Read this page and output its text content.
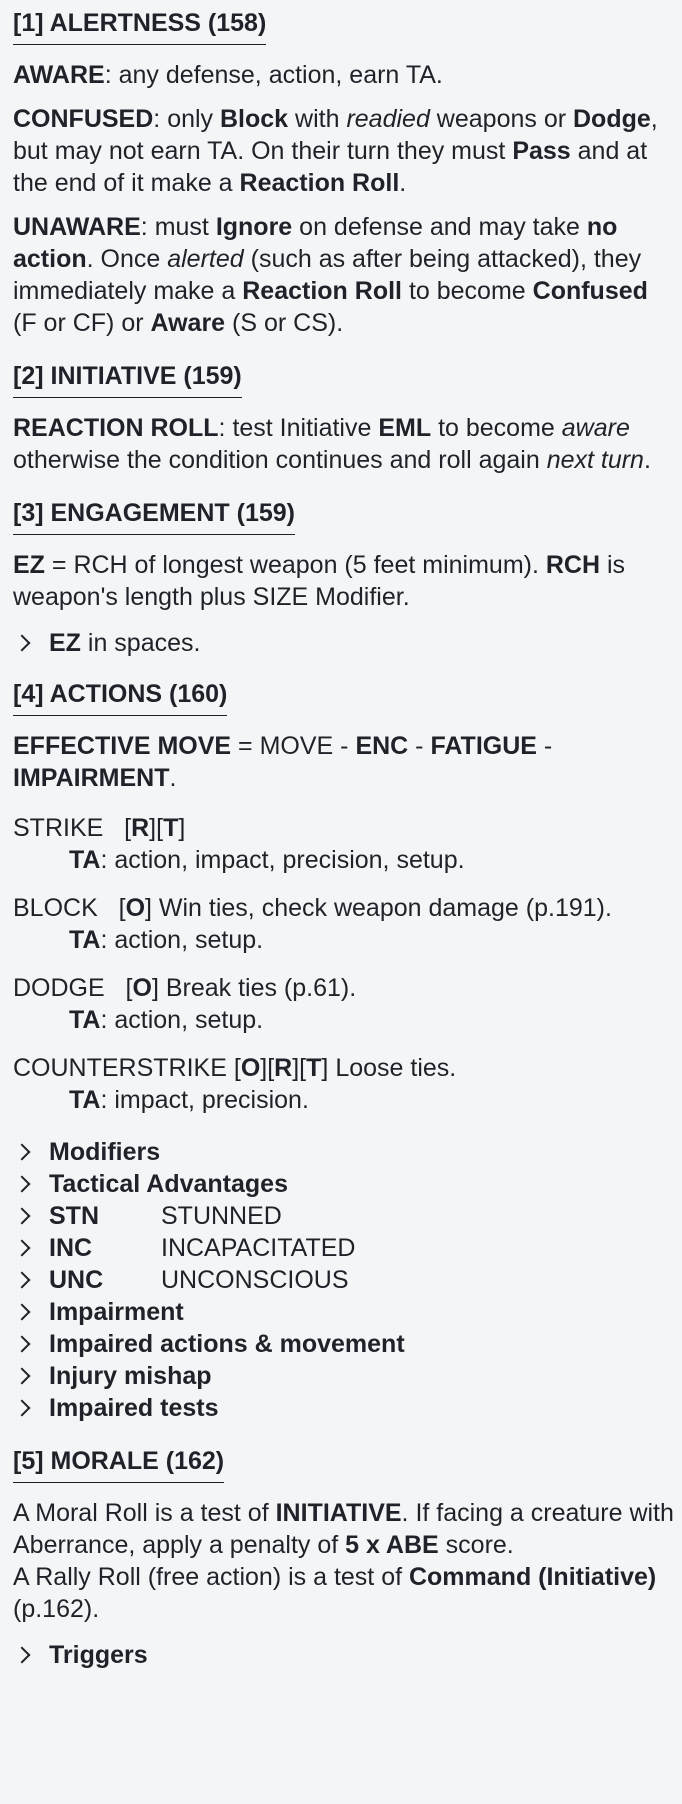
[1] ALERTNESS (158)

AWARE: any defense, action, earn TA.

CONFUSED: only Block with readied weapons or Dodge, but may not earn TA. On their turn they must Pass and at the end of it make a Reaction Roll.

UNAWARE: must Ignore on defense and may take no action. Once alerted (such as after being attacked), they immediately make a Reaction Roll to become Confused (F or CF) or Aware (S or CS).

[2] INITIATIVE (159)

REACTION ROLL: test Initiative EML to become aware otherwise the condition continues and roll again next turn.

[3] ENGAGEMENT (159)

EZ = RCH of longest weapon (5 feet minimum). RCH is weapon's length plus SIZE Modifier.

EZ in spaces.
[4] ACTIONS (160)

EFFECTIVE MOVE = MOVE - ENC - FATIGUE - IMPAIRMENT.

STRIKE   [R][T]
TA: action, impact, precision, setup.
BLOCK   [O] Win ties, check weapon damage (p.191).
TA: action, setup.
DODGE   [O] Break ties (p.61).
TA: action, setup.
COUNTERSTRIKE [O][R][T] Loose ties.
TA: impact, precision.
Modifiers
Tactical Advantages
STN	STUNNED
INC	INCAPACITATED
UNC	UNCONSCIOUS
Impairment
Impaired actions & movement
Injury mishap
Impaired tests
[5] MORALE (162)

A Moral Roll is a test of INITIATIVE. If facing a creature with Aberrance, apply a penalty of 5 x ABE score.
A Rally Roll (free action) is a test of Command (Initiative) (p.162).

Triggers
